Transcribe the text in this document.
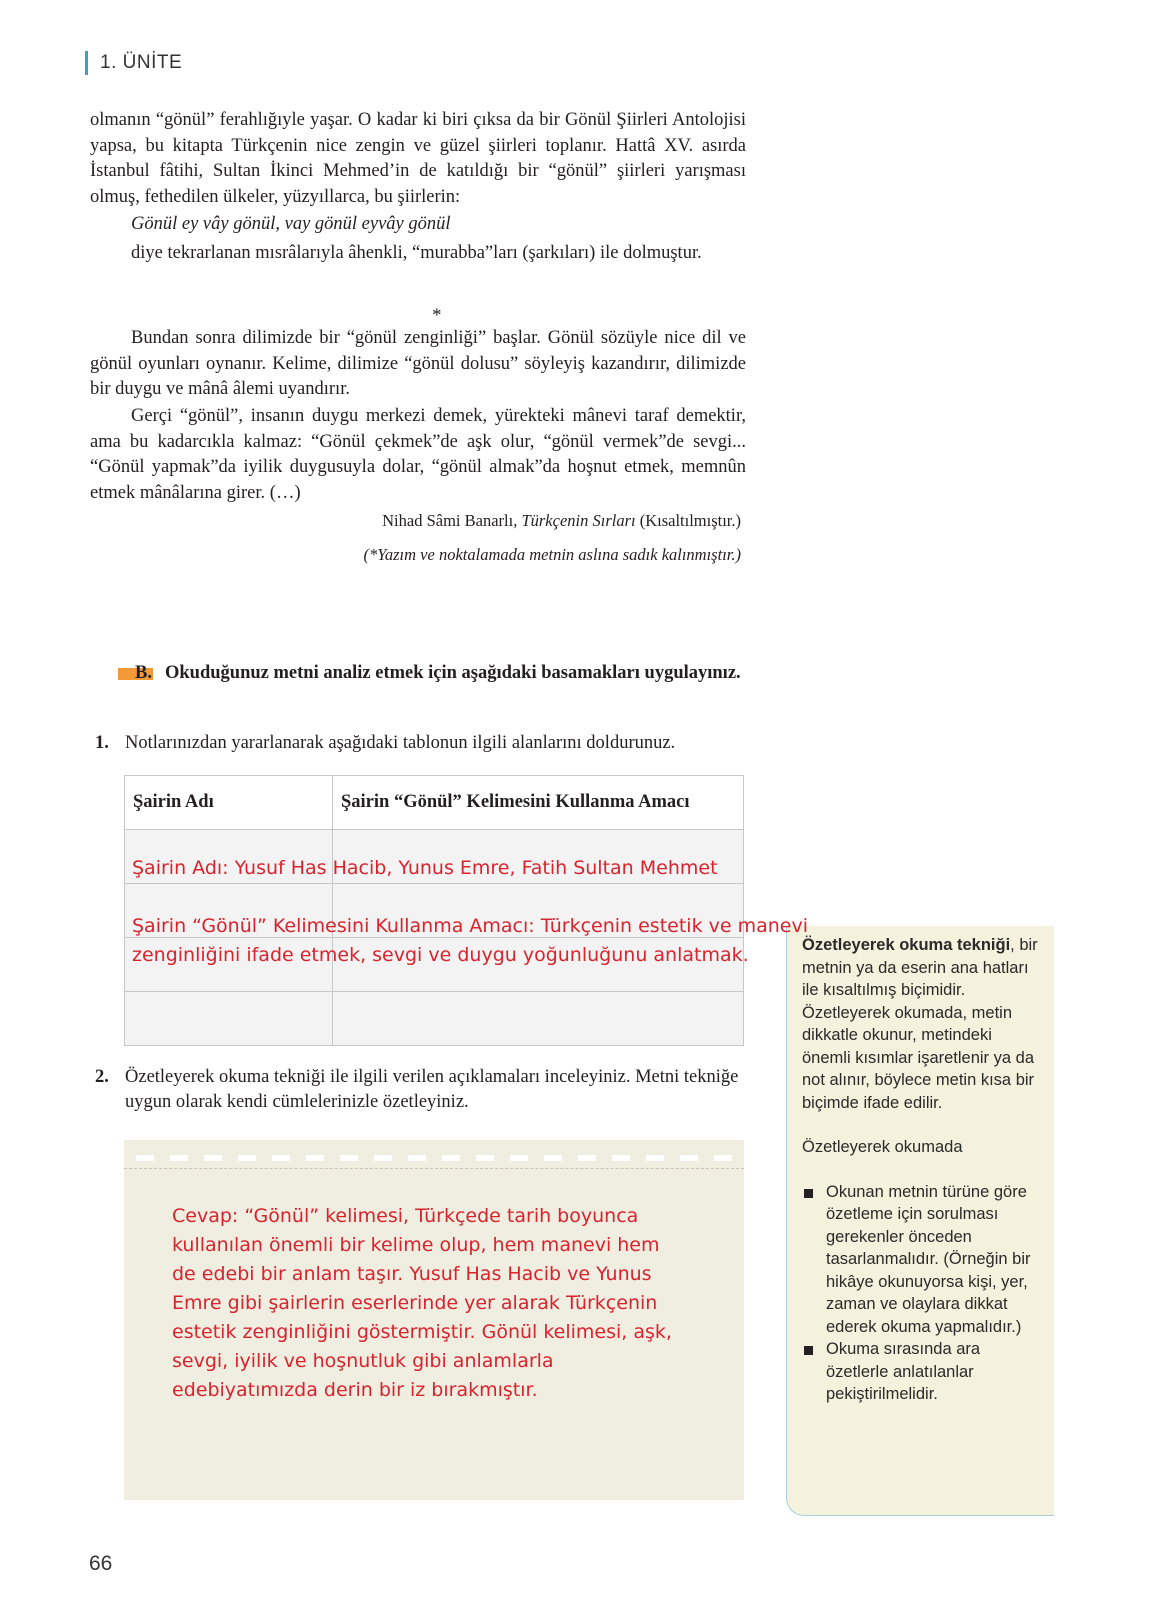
1. ÜNİTE

olmanın “gönül” ferahlığıyle yaşar. O kadar ki biri çıksa da bir Gönül Şiirleri Antolojisi yapsa, bu kitapta Türkçenin nice zengin ve güzel şiirleri toplanır. Hattâ XV. asırda İstanbul fâtihi, Sultan İkinci Mehmed’in de katıldığı bir “gönül” şiirleri yarışması olmuş, fethedilen ülkeler, yüzyıllarca, bu şiirlerin:

Gönül ey vây gönül, vay gönül eyvây gönül

diye tekrarlanan mısrâlarıyla âhenkli, “murabba”ları (şarkıları) ile dolmuştur.

*

Bundan sonra dilimizde bir “gönül zenginliği” başlar. Gönül sözüyle nice dil ve gönül oyunları oynanır. Kelime, dilimize “gönül dolusu” söyleyiş kazandırır, dilimizde bir duygu ve mânâ âlemi uyandırır.

Gerçi “gönül”, insanın duygu merkezi demek, yürekteki mânevi taraf demektir, ama bu kadarcıkla kalmaz: “Gönül çekmek”de aşk olur, “gönül vermek”de sevgi... “Gönül yapmak”da iyilik duygusuyla dolar, “gönül almak”da hoşnut etmek, memnûn etmek mânâlarına girer. (…)

Nihad Sâmi Banarlı, Türkçenin Sırları (Kısaltılmıştır.)
(*Yazım ve noktalamada metnin aslına sadık kalınmıştır.)
B. Okuduğunuz metni analiz etmek için aşağıdaki basamakları uygulayınız.
1. Notlarınızdan yararlanarak aşağıdaki tablonun ilgili alanlarını doldurunuz.
Şairin Adı	Şairin “Gönül” Kelimesini Kullanma Amacı

2. Özetleyerek okuma tekniği ile ilgili verilen açıklamaları inceleyiniz. Metni tekniğe uygun olarak kendi cümlelerinizle özetleyiniz.

Özetleyerek okuma tekniği, bir metnin ya da eserin ana hatları ile kısaltılmış biçimidir. Özetleyerek okumada, metin dikkatle okunur, metindeki önemli kısımlar işaretlenir ya da not alınır, böylece metin kısa bir biçimde ifade edilir.

Özetleyerek okumada

Okunan metnin türüne göre özetleme için sorulması gerekenler önceden tasarlanmalıdır. (Örneğin bir hikâye okunuyorsa kişi, yer, zaman ve olaylara dikkat ederek okuma yapmalıdır.)
Okuma sırasında ara özetlerle anlatılanlar pekiştirilmelidir.
Şairin Adı: Yusuf Has Hacib, Yunus Emre, Fatih Sultan Mehmet
Şairin “Gönül” Kelimesini Kullanma Amacı: Türkçenin estetik ve manevi
zenginliğini ifade etmek, sevgi ve duygu yoğunluğunu anlatmak.
Cevap: “Gönül” kelimesi, Türkçede tarih boyunca
kullanılan önemli bir kelime olup, hem manevi hem
de edebi bir anlam taşır. Yusuf Has Hacib ve Yunus
Emre gibi şairlerin eserlerinde yer alarak Türkçenin
estetik zenginliğini göstermiştir. Gönül kelimesi, aşk,
sevgi, iyilik ve hoşnutluk gibi anlamlarla
edebiyatımızda derin bir iz bırakmıştır.
66
